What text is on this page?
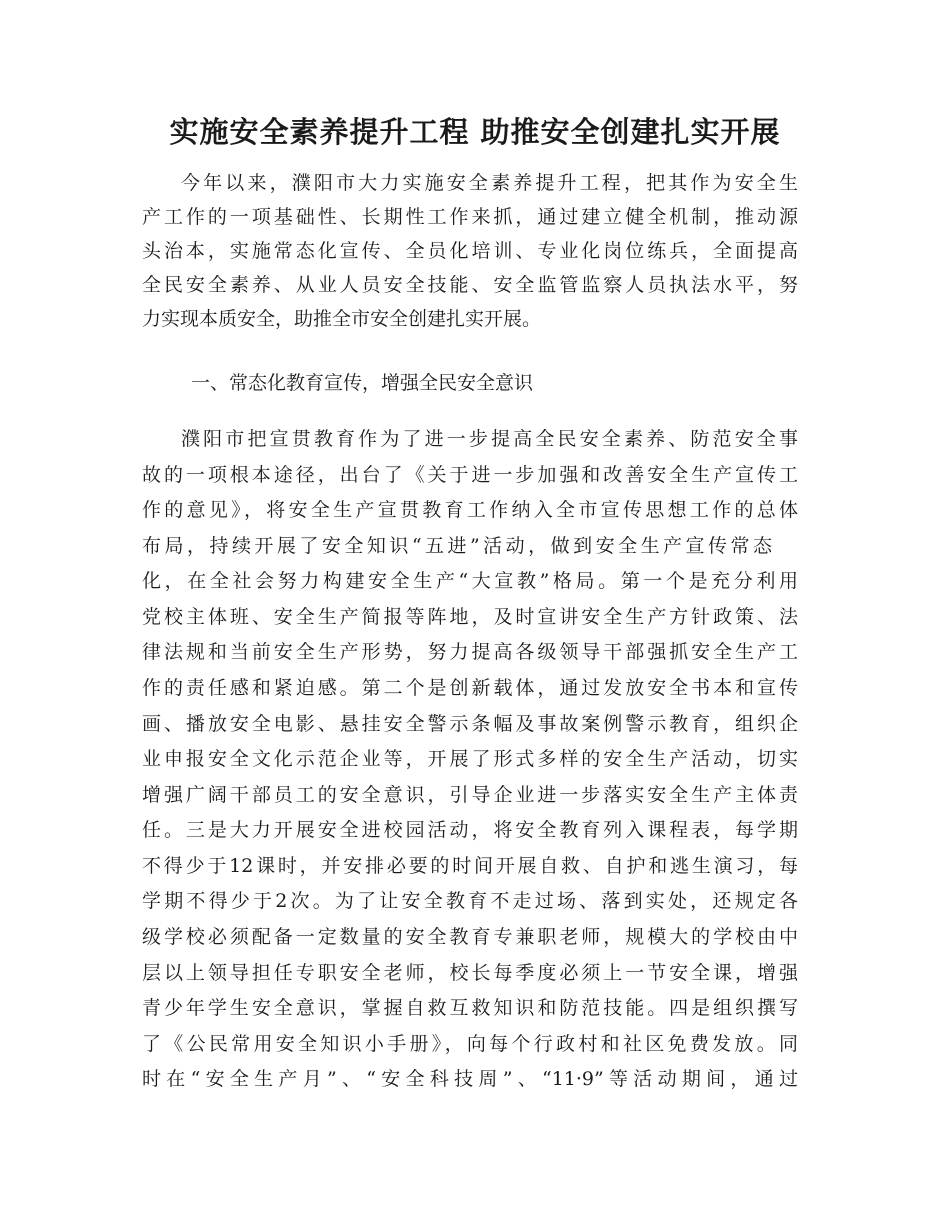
实施安全素养提升工程 助推安全创建扎实开展
今年以来，濮阳市大力实施安全素养提升工程，把其作为安全生
产工作的一项基础性、长期性工作来抓，通过建立健全机制，推动源
头治本，实施常态化宣传、全员化培训、专业化岗位练兵，全面提高
全民安全素养、从业人员安全技能、安全监管监察人员执法水平，努
力实现本质安全，助推全市安全创建扎实开展。
一、常态化教育宣传，增强全民安全意识
濮阳市把宣贯教育作为了进一步提高全民安全素养、防范安全事
故的一项根本途径，出台了《关于进一步加强和改善安全生产宣传工
作的意见》，将安全生产宣贯教育工作纳入全市宣传思想工作的总体
布局，持续开展了安全知识“五进”活动，做到安全生产宣传常态
化，在全社会努力构建安全生产“大宣教”格局。第一个是充分利用
党校主体班、安全生产简报等阵地，及时宣讲安全生产方针政策、法
律法规和当前安全生产形势，努力提高各级领导干部强抓安全生产工
作的责任感和紧迫感。第二个是创新载体，通过发放安全书本和宣传
画、播放安全电影、悬挂安全警示条幅及事故案例警示教育，组织企
业申报安全文化示范企业等，开展了形式多样的安全生产活动，切实
增强广阔干部员工的安全意识，引导企业进一步落实安全生产主体责
任。三是大力开展安全进校园活动，将安全教育列入课程表，每学期
不得少于12课时，并安排必要的时间开展自救、自护和逃生演习，每
学期不得少于2次。为了让安全教育不走过场、落到实处，还规定各
级学校必须配备一定数量的安全教育专兼职老师，规模大的学校由中
层以上领导担任专职安全老师，校长每季度必须上一节安全课，增强
青少年学生安全意识，掌握自救互救知识和防范技能。四是组织撰写
了《公民常用安全知识小手册》，向每个行政村和社区免费发放。同
时在“安全生产月”、“安全科技周”、“11·9”等活动期间，通过
